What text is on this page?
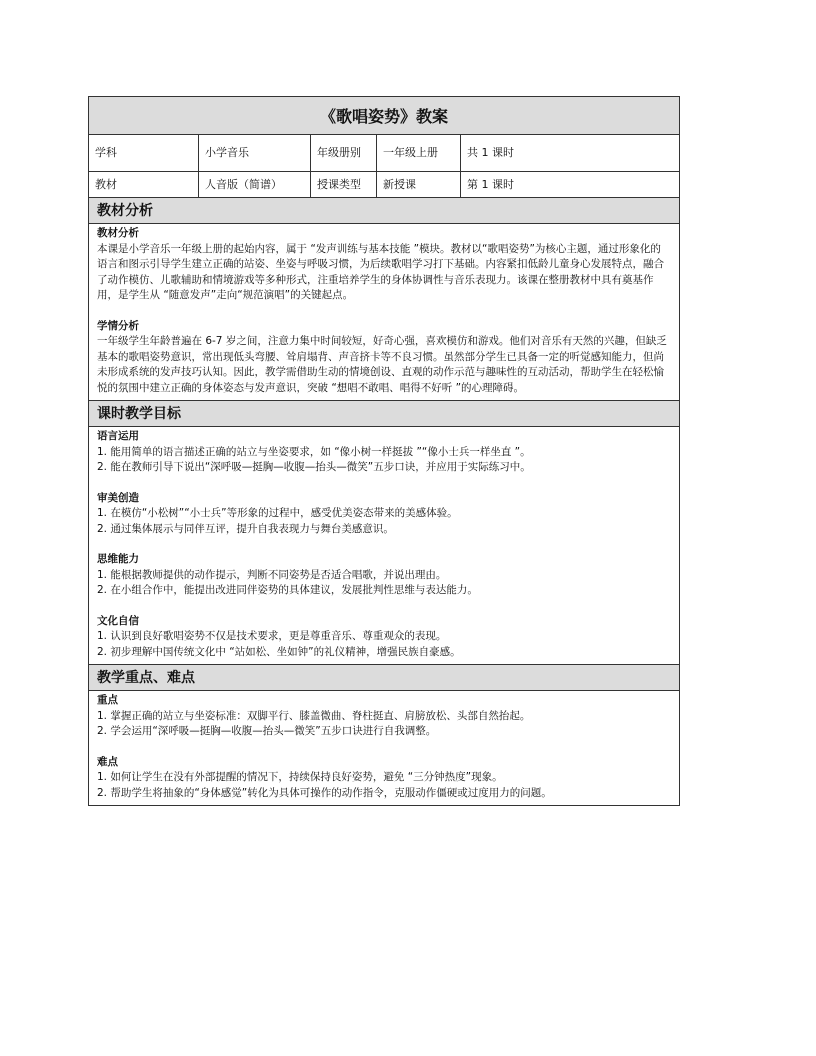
《歌唱姿势》教案
学科	小学音乐	年级册别	一年级上册	共 1 课时
教材	人音版（简谱）	授课类型	新授课	第 1 课时
教材分析
教材分析
本课是小学音乐一年级上册的起始内容，属于 “发声训练与基本技能 ”模块。教材以“歌唱姿势”为核心主题，通过形象化的语言和图示引导学生建立正确的站姿、坐姿与呼吸习惯，为后续歌唱学习打下基础。内容紧扣低龄儿童身心发展特点，融合了动作模仿、儿歌辅助和情境游戏等多种形式，注重培养学生的身体协调性与音乐表现力。该课在整册教材中具有奠基作用，是学生从 “随意发声”走向“规范演唱”的关键起点。
学情分析
一年级学生年龄普遍在 6-7 岁之间，注意力集中时间较短，好奇心强，喜欢模仿和游戏。他们对音乐有天然的兴趣，但缺乏基本的歌唱姿势意识，常出现低头弯腰、耸肩塌背、声音挤卡等不良习惯。虽然部分学生已具备一定的听觉感知能力，但尚未形成系统的发声技巧认知。因此，教学需借助生动的情境创设、直观的动作示范与趣味性的互动活动，帮助学生在轻松愉悦的氛围中建立正确的身体姿态与发声意识，突破 “想唱不敢唱、唱得不好听 ”的心理障碍。
课时教学目标
语言运用
1. 能用简单的语言描述正确的站立与坐姿要求，如 “像小树一样挺拔 ”“像小士兵一样坐直 ”。
2. 能在教师引导下说出“深呼吸—挺胸—收腹—抬头—微笑”五步口诀，并应用于实际练习中。
审美创造
1. 在模仿“小松树”“小士兵”等形象的过程中，感受优美姿态带来的美感体验。
2. 通过集体展示与同伴互评，提升自我表现力与舞台美感意识。
思维能力
1. 能根据教师提供的动作提示，判断不同姿势是否适合唱歌，并说出理由。
2. 在小组合作中，能提出改进同伴姿势的具体建议，发展批判性思维与表达能力。
文化自信
1. 认识到良好歌唱姿势不仅是技术要求，更是尊重音乐、尊重观众的表现。
2. 初步理解中国传统文化中 “站如松、坐如钟”的礼仪精神，增强民族自豪感。
教学重点、难点
重点
1. 掌握正确的站立与坐姿标准：双脚平行、膝盖微曲、脊柱挺直、肩膀放松、头部自然抬起。
2. 学会运用“深呼吸—挺胸—收腹—抬头—微笑”五步口诀进行自我调整。
难点
1. 如何让学生在没有外部提醒的情况下，持续保持良好姿势，避免 “三分钟热度”现象。
2. 帮助学生将抽象的“身体感觉”转化为具体可操作的动作指令，克服动作僵硬或过度用力的问题。
